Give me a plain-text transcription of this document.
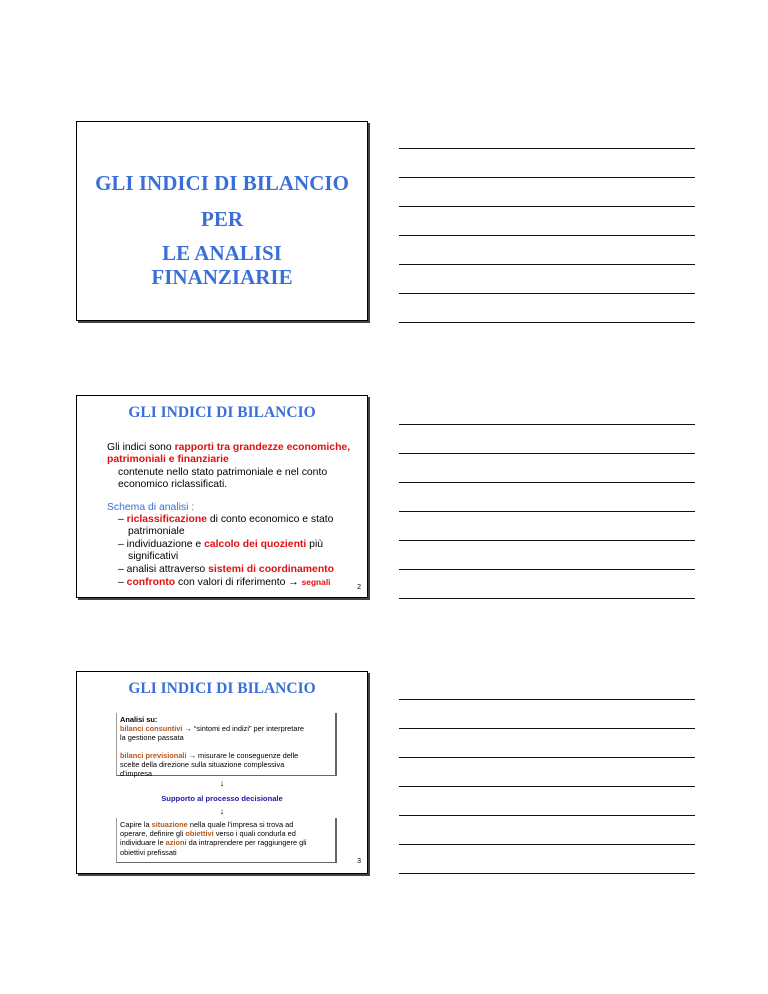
GLI INDICI DI BILANCIO
PER
LE ANALISI
FINANZIARIE
GLI INDICI DI BILANCIO
Gli indici sono rapporti tra grandezze economiche, patrimoniali e finanziarie
contenute nello stato patrimoniale e nel conto economico riclassificati.
Schema di analisi :
– riclassificazione di conto economico e stato
patrimoniale
– individuazione e calcolo dei quozienti più
significativi
– analisi attraverso sistemi di coordinamento
– confronto con valori di riferimento → segnali
2
GLI INDICI DI BILANCIO
Analisi su:
bilanci consuntivi → “sintomi ed indizi” per interpretare
la gestione passata
bilanci previsionali → misurare le conseguenze delle
scelte della direzione sulla situazione complessiva
d’impresa
↓
Supporto al processo decisionale
↓
Capire la situazione nella quale l’impresa si trova ad
operare, definire gli obiettivi verso i quali condurla ed
individuare le azioni da intraprendere per raggiungere gli
obiettivi prefissati
3
